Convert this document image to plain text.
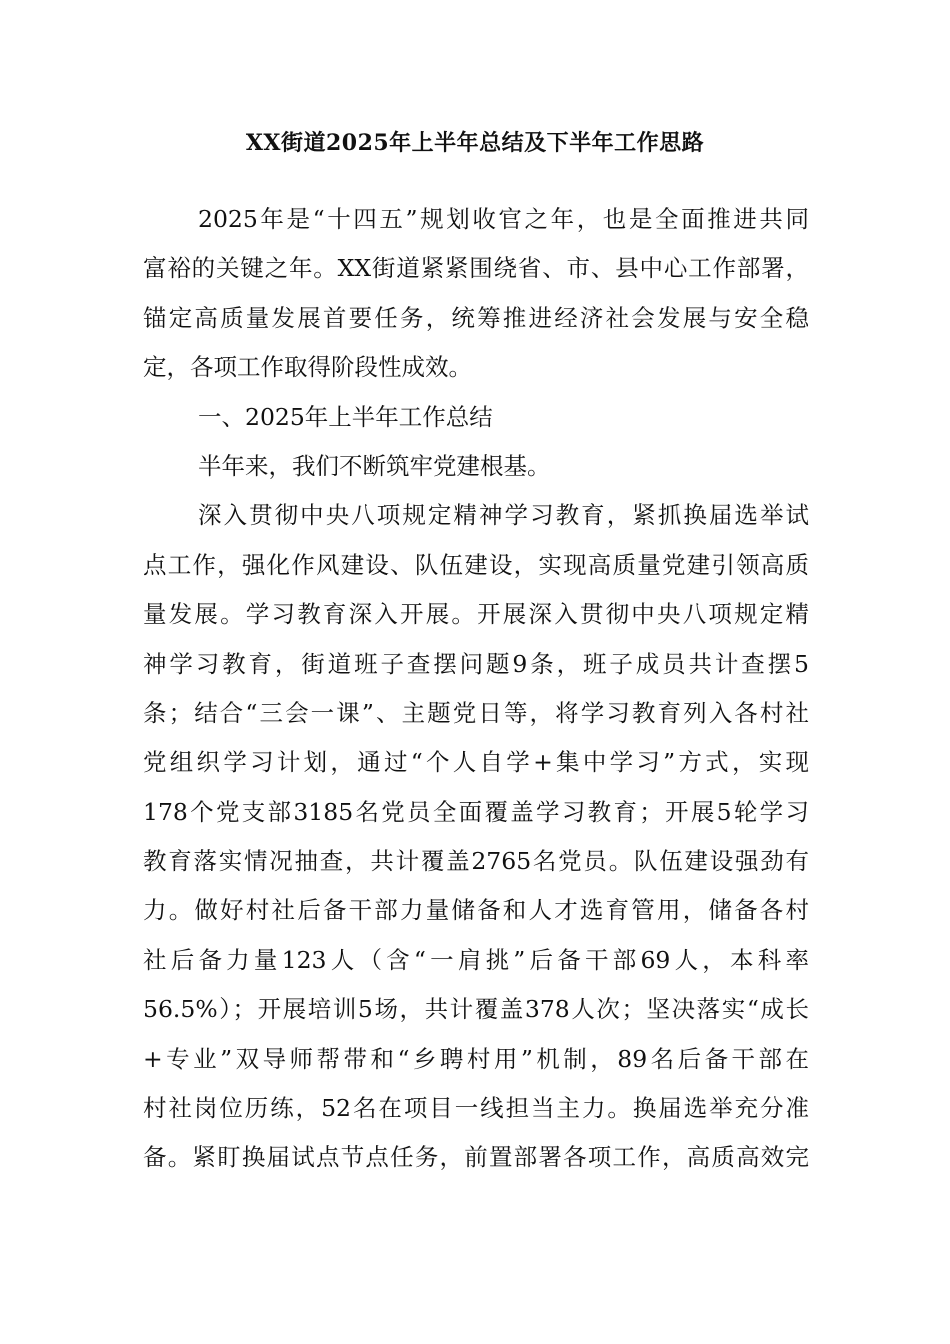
XX街道2025年上半年总结及下半年工作思路
2025年是“十四五”规划收官之年，也是全面推进共同
富裕的关键之年。XX街道紧紧围绕省、市、县中心工作部署，
锚定高质量发展首要任务，统筹推进经济社会发展与安全稳
定，各项工作取得阶段性成效。
一、2025年上半年工作总结
半年来，我们不断筑牢党建根基。
深入贯彻中央八项规定精神学习教育，紧抓换届选举试
点工作，强化作风建设、队伍建设，实现高质量党建引领高质
量发展。学习教育深入开展。开展深入贯彻中央八项规定精
神学习教育，街道班子查摆问题9条，班子成员共计查摆5
条；结合“三会一课”、主题党日等，将学习教育列入各村社
党组织学习计划，通过“个人自学+集中学习”方式，实现
178个党支部3185名党员全面覆盖学习教育；开展5轮学习
教育落实情况抽查，共计覆盖2765名党员。队伍建设强劲有
力。做好村社后备干部力量储备和人才选育管用，储备各村
社后备力量123人（含“一肩挑”后备干部69人，本科率
56.5%）；开展培训5场，共计覆盖378人次；坚决落实“成长
+专业”双导师帮带和“乡聘村用”机制，89名后备干部在
村社岗位历练，52名在项目一线担当主力。换届选举充分准
备。紧盯换届试点节点任务，前置部署各项工作，高质高效完
